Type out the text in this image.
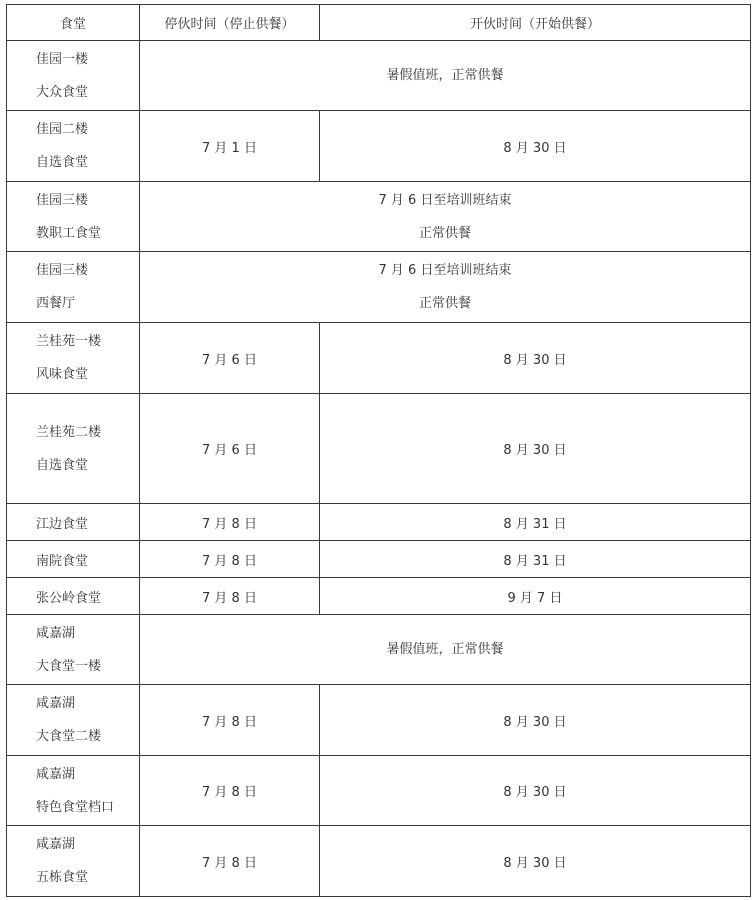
食堂	停伙时间（停止供餐）	开伙时间（开始供餐）

佳园一楼
大众食堂	暑假值班，正常供餐	

佳园二楼
自选食堂	7 月 1 日	8 月 30 日

佳园三楼
教职工食堂	7 月 6 日至培训班结束
正常供餐	

佳园三楼
西餐厅	7 月 6 日至培训班结束
正常供餐	

兰桂苑一楼
风味食堂	7 月 6 日	8 月 30 日

兰桂苑二楼
自选食堂	7 月 6 日	8 月 30 日
江边食堂	7 月 8 日	8 月 31 日
南院食堂	7 月 8 日	8 月 31 日
张公岭食堂	7 月 8 日	9 月 7 日

咸嘉湖
大食堂一楼	暑假值班，正常供餐	

咸嘉湖
大食堂二楼	7 月 8 日	8 月 30 日

咸嘉湖
特色食堂档口	7 月 8 日	8 月 30 日

咸嘉湖
五栋食堂	7 月 8 日	8 月 30 日
